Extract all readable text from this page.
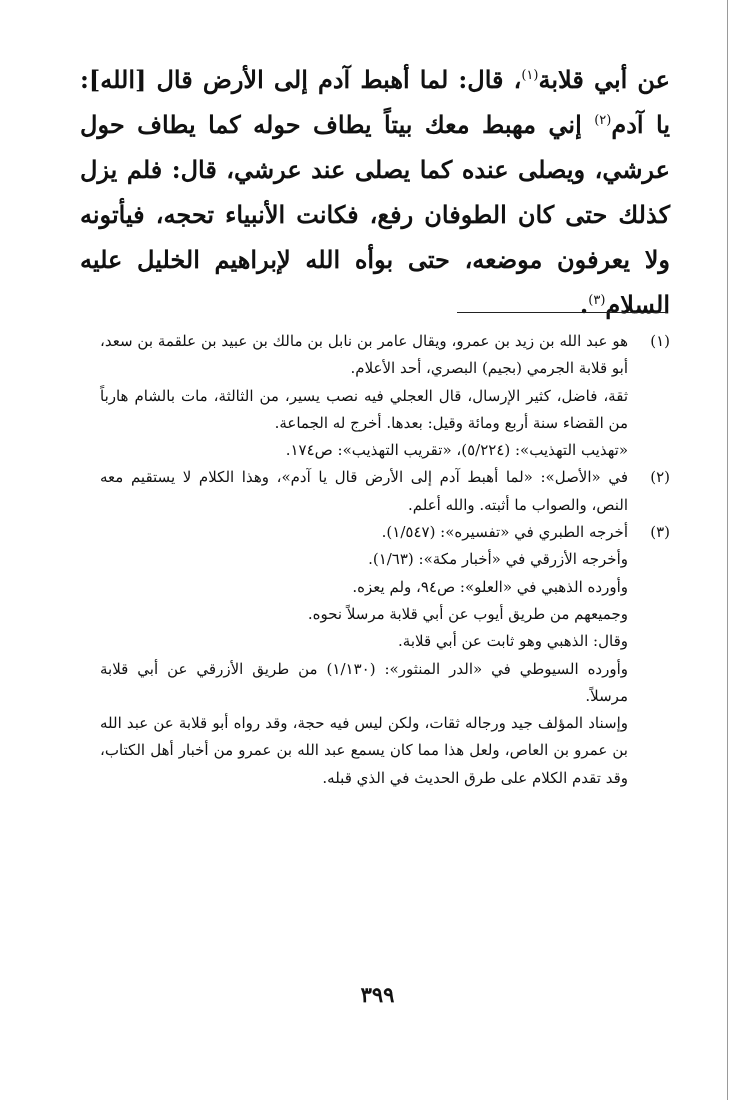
عن أبي قلابة$^{(١)}$، قال: لما أهبط آدم إلى الأرض قال [الله]: يا آدم$^{(٢)}$ إني مهبط معك بيتاً يطاف حوله كما يطاف حول عرشي، ويصلى عنده كما يصلى عند عرشي، قال: فلم يزل كذلك حتى كان الطوفان رفع، فكانت الأنبياء تحجه، فيأتونه ولا يعرفون موضعه، حتى بوأه الله لإبراهيم الخليل عليه السلام$^{(٣)}$.

(١)

هو عبد الله بن زيد بن عمرو، ويقال عامر بن نابل بن مالك بن عبيد بن علقمة بن سعد، أبو قلابة الجرمي (بجيم) البصري، أحد الأعلام.

ثقة، فاضل، كثير الإرسال، قال العجلي فيه نصب يسير، من الثالثة، مات بالشام هارباً من القضاء سنة أربع ومائة وقيل: بعدها. أخرج له الجماعة.

«تهذيب التهذيب»: (٥/٢٢٤)، «تقريب التهذيب»: ص١٧٤.

(٢)

في «الأصل»: «لما أهبط آدم إلى الأرض قال يا آدم»، وهذا الكلام لا يستقيم معه النص، والصواب ما أثبته. والله أعلم.

(٣)

أخرجه الطبري في «تفسيره»: (١/٥٤٧).

وأخرجه الأزرقي في «أخبار مكة»: (١/٦٣).

وأورده الذهبي في «العلو»: ص٩٤، ولم يعزه.

وجميعهم من طريق أيوب عن أبي قلابة مرسلاً نحوه.

وقال: الذهبي وهو ثابت عن أبي قلابة.

وأورده السيوطي في «الدر المنثور»: (١/١٣٠) من طريق الأزرقي عن أبي قلابة مرسلاً.

وإسناد المؤلف جيد ورجاله ثقات، ولكن ليس فيه حجة، وقد رواه أبو قلابة عن عبد الله بن عمرو بن العاص، ولعل هذا مما كان يسمع عبد الله بن عمرو من أخبار أهل الكتاب، وقد تقدم الكلام على طرق الحديث في الذي قبله.

٣٩٩
